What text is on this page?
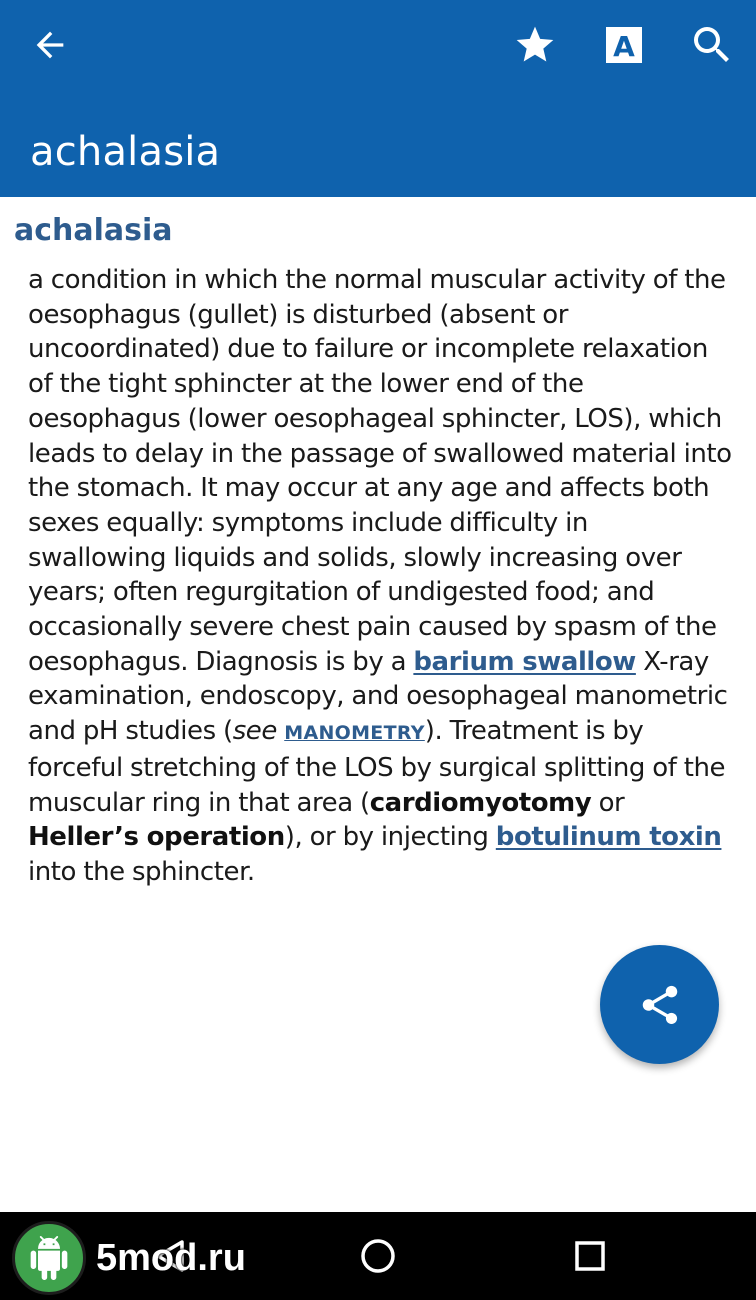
A
achalasia
achalasia
a condition in which the normal muscular activity of the oesophagus (gullet) is disturbed (absent or uncoordinated) due to failure or incomplete relaxation of the tight sphincter at the lower end of the oesophagus (lower oesophageal sphincter, LOS), which leads to delay in the passage of swallowed material into the stomach. It may occur at any age and affects both sexes equally: symptoms include difficulty in swallowing liquids and solids, slowly increasing over years; often regurgitation of undigested food; and occasionally severe chest pain caused by spasm of the oesophagus. Diagnosis is by a barium swallow X-ray examination, endoscopy, and oesophageal manometric and pH studies (see MANOMETRY). Treatment is by forceful stretching of the LOS by surgical splitting of the muscular ring in that area (cardiomyotomy or Heller’s operation), or by injecting botulinum toxin into the sphincter.
5mod.ru
